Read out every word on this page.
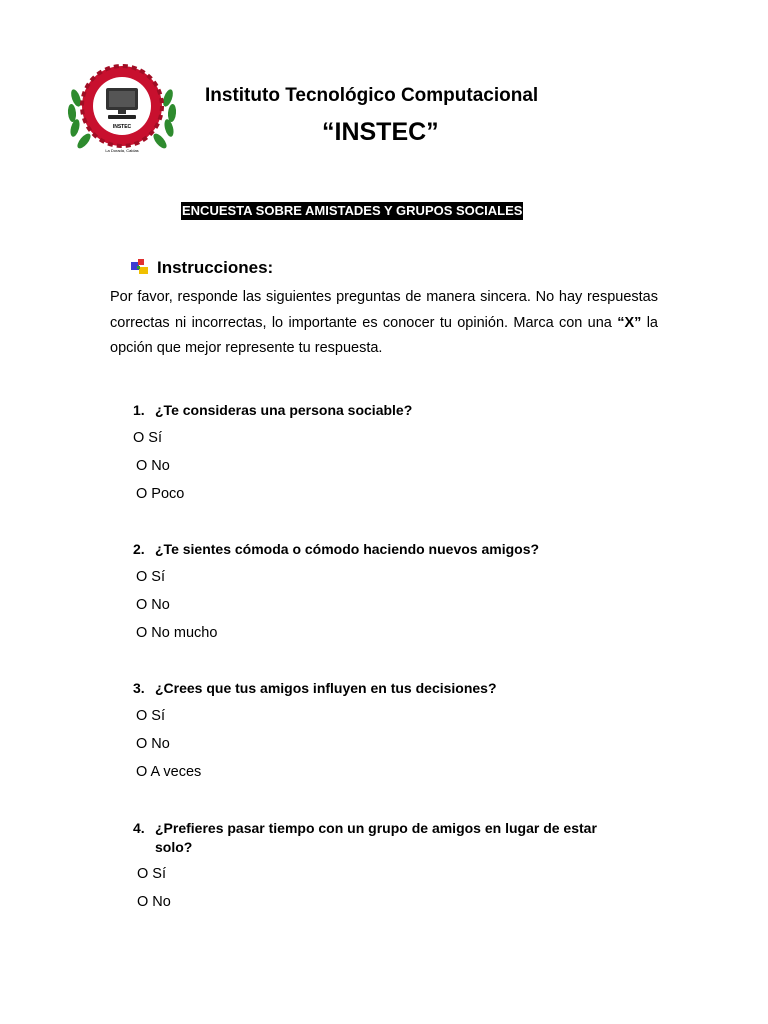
INSTEC
La Dorada, Caldas
Instituto Tecnológico Computacional
“INSTEC”
ENCUESTA SOBRE AMISTADES Y GRUPOS SOCIALES
Instrucciones:

Por favor, responde las siguientes preguntas de manera sincera. No hay respuestas correctas ni incorrectas, lo importante es conocer tu opinión. Marca con una “X” la opción que mejor represente tu respuesta.

1. ¿Te consideras una persona sociable?
O Sí
O No
O Poco
2. ¿Te sientes cómoda o cómodo haciendo nuevos amigos?
O Sí
O No
O No mucho
3. ¿Crees que tus amigos influyen en tus decisiones?
O Sí
O No
O A veces
4. ¿Prefieres pasar tiempo con un grupo de amigos en lugar de estar
solo?
O Sí
O No
